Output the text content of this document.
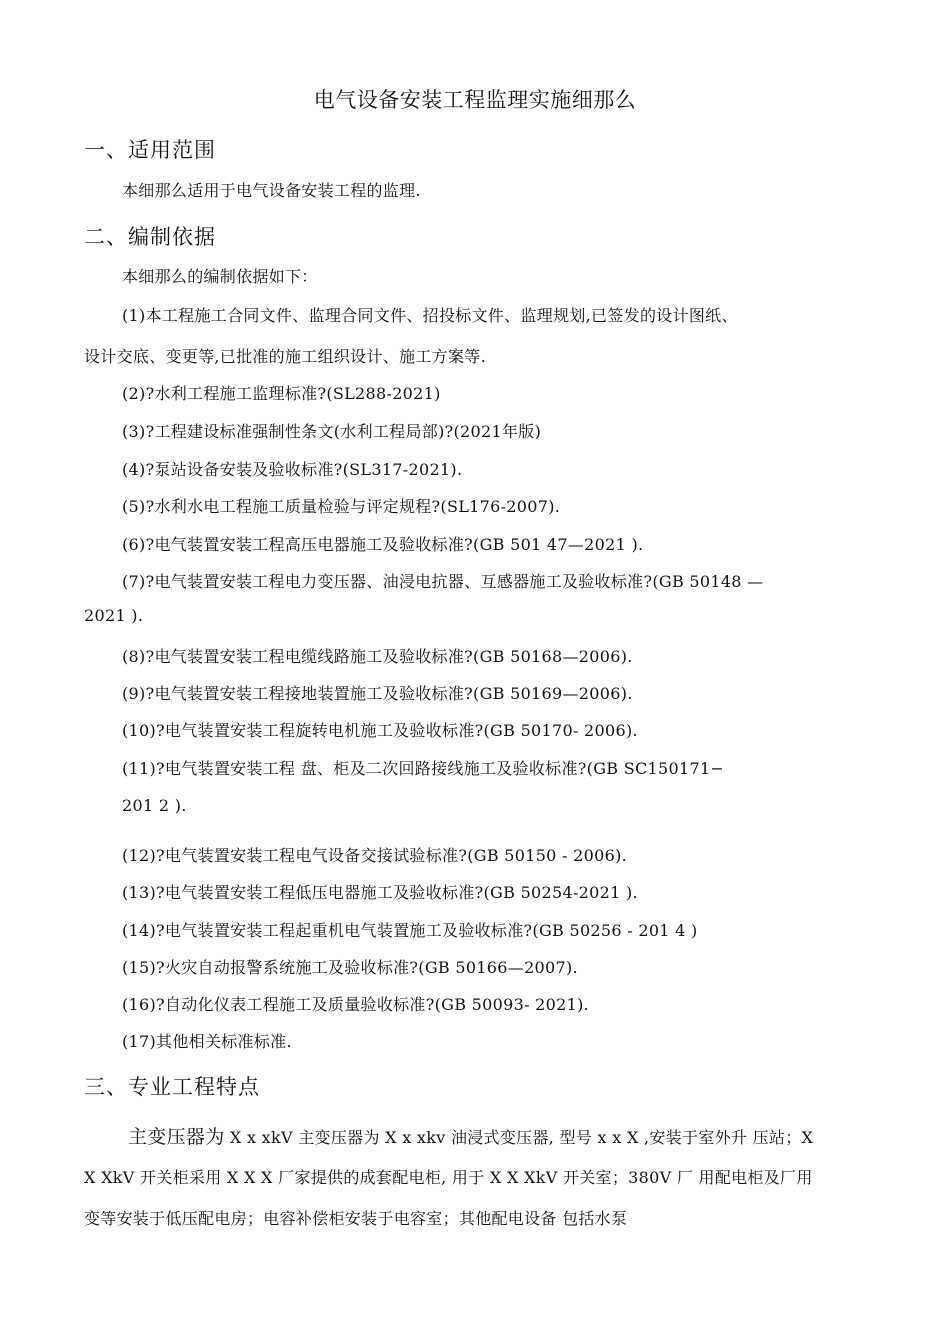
电气设备安装工程监理实施细那么
一、适用范围
本细那么适用于电气设备安装工程的监理.
二、编制依据
本细那么的编制依据如下：
(1)本工程施工合同文件、监理合同文件、招投标文件、监理规划,已签发的设计图纸、
设计交底、变更等,已批准的施工组织设计、施工方案等.
(2)?水利工程施工监理标准?(SL288-2021)
(3)?工程建设标准强制性条文(水利工程局部)?(2021年版)
(4)?泵站设备安装及验收标准?(SL317-2021).
(5)?水利水电工程施工质量检验与评定规程?(SL176-2007).
(6)?电气装置安装工程高压电器施工及验收标准?(GB 501 47—2021 ).
(7)?电气装置安装工程电力变压器、油浸电抗器、互感器施工及验收标准?(GB 50148 —
2021 ).
(8)?电气装置安装工程电缆线路施工及验收标准?(GB 50168—2006).
(9)?电气装置安装工程接地装置施工及验收标准?(GB 50169—2006).
(10)?电气装置安装工程旋转电机施工及验收标准?(GB 50170- 2006).
(11)?电气装置安装工程 盘、柜及二次回路接线施工及验收标准?(GB SC150171−
201 2 ).
(12)?电气装置安装工程电气设备交接试验标准?(GB 50150 - 2006).
(13)?电气装置安装工程低压电器施工及验收标准?(GB 50254-2021 ).
(14)?电气装置安装工程起重机电气装置施工及验收标准?(GB 50256 - 201 4 )
(15)?火灾自动报警系统施工及验收标准?(GB 50166—2007).
(16)?自动化仪表工程施工及质量验收标准?(GB 50093- 2021).
(17)其他相关标准标准.
三、专业工程特点
主变压器为 X x xkV 主变压器为 X x xkv 油浸式变压器, 型号 x x X ,安装于室外升 压站；X
X XkV 开关柜采用 X X X 厂家提供的成套配电柜, 用于 X X XkV 开关室；380V 厂 用配电柜及厂用
变等安装于低压配电房；电容补偿柜安装于电容室；其他配电设备 包括水泵
